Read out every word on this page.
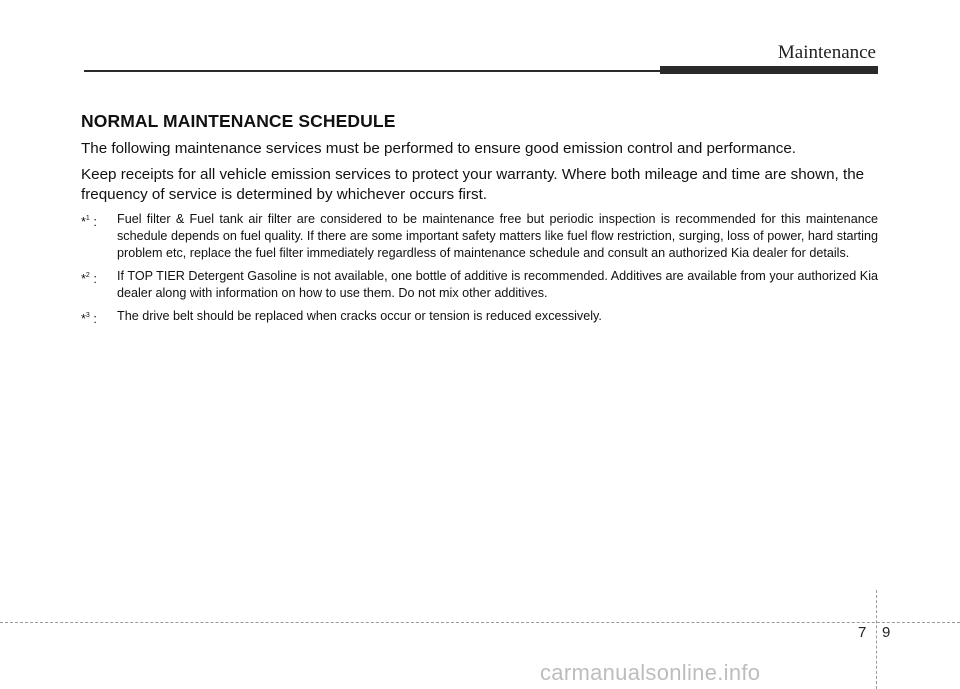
Maintenance
NORMAL MAINTENANCE SCHEDULE

The following maintenance services must be performed to ensure good emission control and performance.

Keep receipts for all vehicle emission services to protect your warranty. Where both mileage and time are shown, the frequency of service is determined by whichever occurs first.

*$^1$ : Fuel filter & Fuel tank air filter are considered to be maintenance free but periodic inspection is recommended for this maintenance schedule depends on fuel quality. If there are some important safety matters like fuel flow restriction, surging, loss of power, hard starting problem etc, replace the fuel filter immediately regardless of maintenance schedule and consult an authorized Kia dealer for details.
*$^2$ : If TOP TIER Detergent Gasoline is not available, one bottle of additive is recommended. Additives are available from your authorized Kia dealer along with information on how to use them. Do not mix other additives.
*$^3$ : The drive belt should be replaced when cracks occur or tension is reduced excessively.
7 9
carmanualsonline.info
